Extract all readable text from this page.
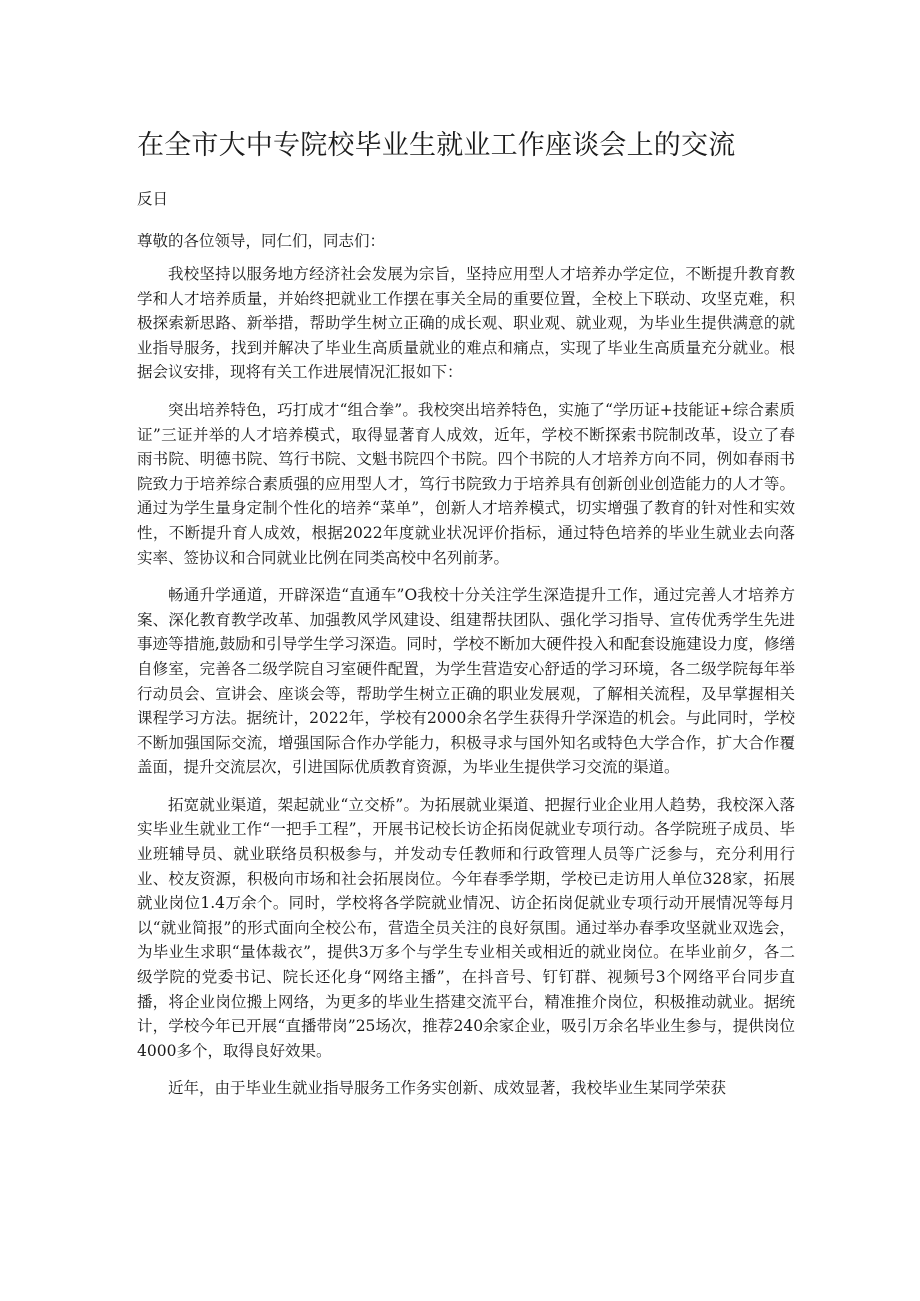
在全市大中专院校毕业生就业工作座谈会上的交流
反日
尊敬的各位领导，同仁们，同志们：

我校坚持以服务地方经济社会发展为宗旨，坚持应用型人才培养办学定位，不断提升教育教学和人才培养质量，并始终把就业工作摆在事关全局的重要位置，全校上下联动、攻坚克难，积极探索新思路、新举措，帮助学生树立正确的成长观、职业观、就业观，为毕业生提供满意的就业指导服务，找到并解决了毕业生高质量就业的难点和痛点，实现了毕业生高质量充分就业。根据会议安排，现将有关工作进展情况汇报如下：

突出培养特色，巧打成才“组合拳”。我校突出培养特色，实施了“学历证+技能证+综合素质证”三证并举的人才培养模式，取得显著育人成效，近年，学校不断探索书院制改革，设立了春雨书院、明德书院、笃行书院、文魁书院四个书院。四个书院的人才培养方向不同，例如春雨书院致力于培养综合素质强的应用型人才，笃行书院致力于培养具有创新创业创造能力的人才等。通过为学生量身定制个性化的培养“菜单”，创新人才培养模式，切实增强了教育的针对性和实效性，不断提升育人成效，根据2022年度就业状况评价指标，通过特色培养的毕业生就业去向落实率、签协议和合同就业比例在同类高校中名列前茅。

畅通升学通道，开辟深造“直通车”O我校十分关注学生深造提升工作，通过完善人才培养方案、深化教育教学改革、加强教风学风建设、组建帮扶团队、强化学习指导、宣传优秀学生先进事迹等措施,鼓励和引导学生学习深造。同时，学校不断加大硬件投入和配套设施建设力度，修缮自修室，完善各二级学院自习室硬件配置，为学生营造安心舒适的学习环境，各二级学院每年举行动员会、宣讲会、座谈会等，帮助学生树立正确的职业发展观，了解相关流程，及早掌握相关课程学习方法。据统计，2022年，学校有2000余名学生获得升学深造的机会。与此同时，学校不断加强国际交流，增强国际合作办学能力，积极寻求与国外知名或特色大学合作，扩大合作覆盖面，提升交流层次，引进国际优质教育资源，为毕业生提供学习交流的渠道。

拓宽就业渠道，架起就业“立交桥”。为拓展就业渠道、把握行业企业用人趋势，我校深入落实毕业生就业工作“一把手工程”，开展书记校长访企拓岗促就业专项行动。各学院班子成员、毕业班辅导员、就业联络员积极参与，并发动专任教师和行政管理人员等广泛参与，充分利用行业、校友资源，积极向市场和社会拓展岗位。今年春季学期，学校已走访用人单位328家，拓展就业岗位1.4万余个。同时，学校将各学院就业情况、访企拓岗促就业专项行动开展情况等每月以“就业简报”的形式面向全校公布，营造全员关注的良好氛围。通过举办春季攻坚就业双选会，为毕业生求职“量体裁衣”，提供3万多个与学生专业相关或相近的就业岗位。在毕业前夕，各二级学院的党委书记、院长还化身“网络主播”，在抖音号、钉钉群、视频号3个网络平台同步直播，将企业岗位搬上网络，为更多的毕业生搭建交流平台，精准推介岗位，积极推动就业。据统计，学校今年已开展“直播带岗”25场次，推荐240余家企业，吸引万余名毕业生参与，提供岗位4000多个，取得良好效果。

近年，由于毕业生就业指导服务工作务实创新、成效显著，我校毕业生某同学荣获
